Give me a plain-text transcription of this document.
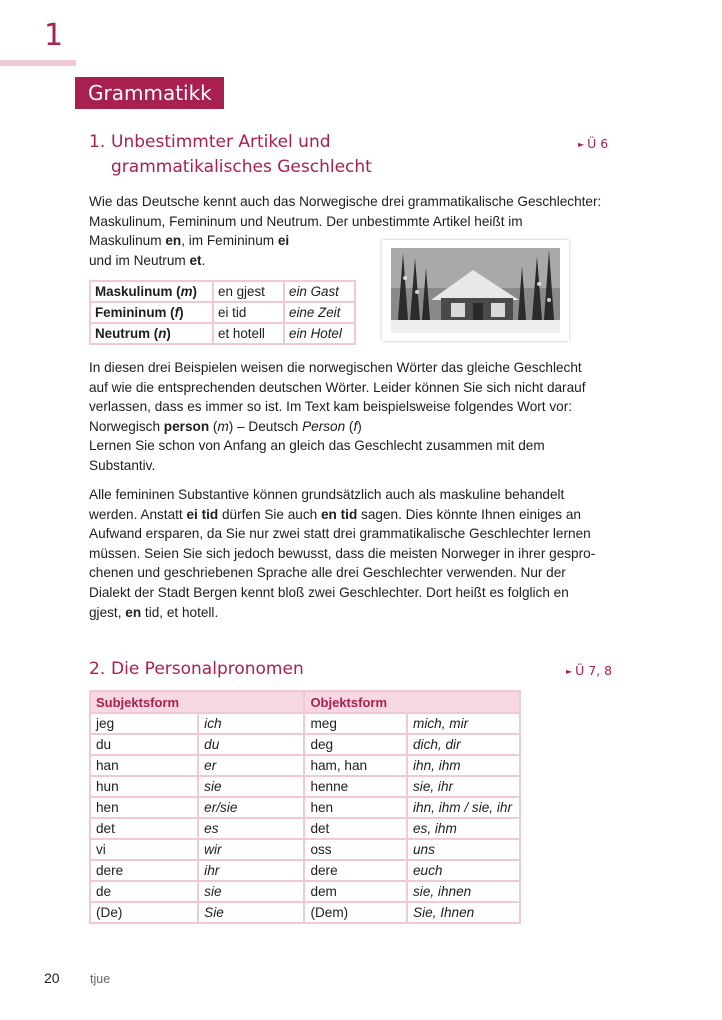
1
Grammatikk
1. Unbestimmter Artikel und
grammatikalisches Geschlecht
► Ü 6
Wie das Deutsche kennt auch das Norwegische drei grammatikalische Geschlechter:
Maskulinum, Femininum und Neutrum. Der unbestimmte Artikel heißt im
Maskulinum en, im Femininum ei
und im Neutrum et.
Maskulinum (m)	en gjest	ein Gast
Femininum (f)	ei tid	eine Zeit
Neutrum (n)	et hotell	ein Hotel
In diesen drei Beispielen weisen die norwegischen Wörter das gleiche Geschlecht
auf wie die entsprechenden deutschen Wörter. Leider können Sie sich nicht darauf
verlassen, dass es immer so ist. Im Text kam beispielsweise folgendes Wort vor:
Norwegisch person (m) – Deutsch Person (f)
Lernen Sie schon von Anfang an gleich das Geschlecht zusammen mit dem
Substantiv.
Alle femininen Substantive können grundsätzlich auch als maskuline behandelt
werden. Anstatt ei tid dürfen Sie auch en tid sagen. Dies könnte Ihnen einiges an
Aufwand ersparen, da Sie nur zwei statt drei grammatikalische Geschlechter lernen
müssen. Seien Sie sich jedoch bewusst, dass die meisten Norweger in ihrer gespro-
chenen und geschriebenen Sprache alle drei Geschlechter verwenden. Nur der
Dialekt der Stadt Bergen kennt bloß zwei Geschlechter. Dort heißt es folglich en
gjest, en tid, et hotell.
2. Die Personalpronomen	► Ü 7, 8
Subjektsform		Objektsform	
jeg	ich	meg	mich, mir
du	du	deg	dich, dir
han	er	ham, han	ihn, ihm
hun	sie	henne	sie, ihr
hen	er/sie	hen	ihn, ihm / sie, ihr
det	es	det	es, ihm
vi	wir	oss	uns
dere	ihr	dere	euch
de	sie	dem	sie, ihnen
(De)	Sie	(Dem)	Sie, Ihnen
20 tjue
